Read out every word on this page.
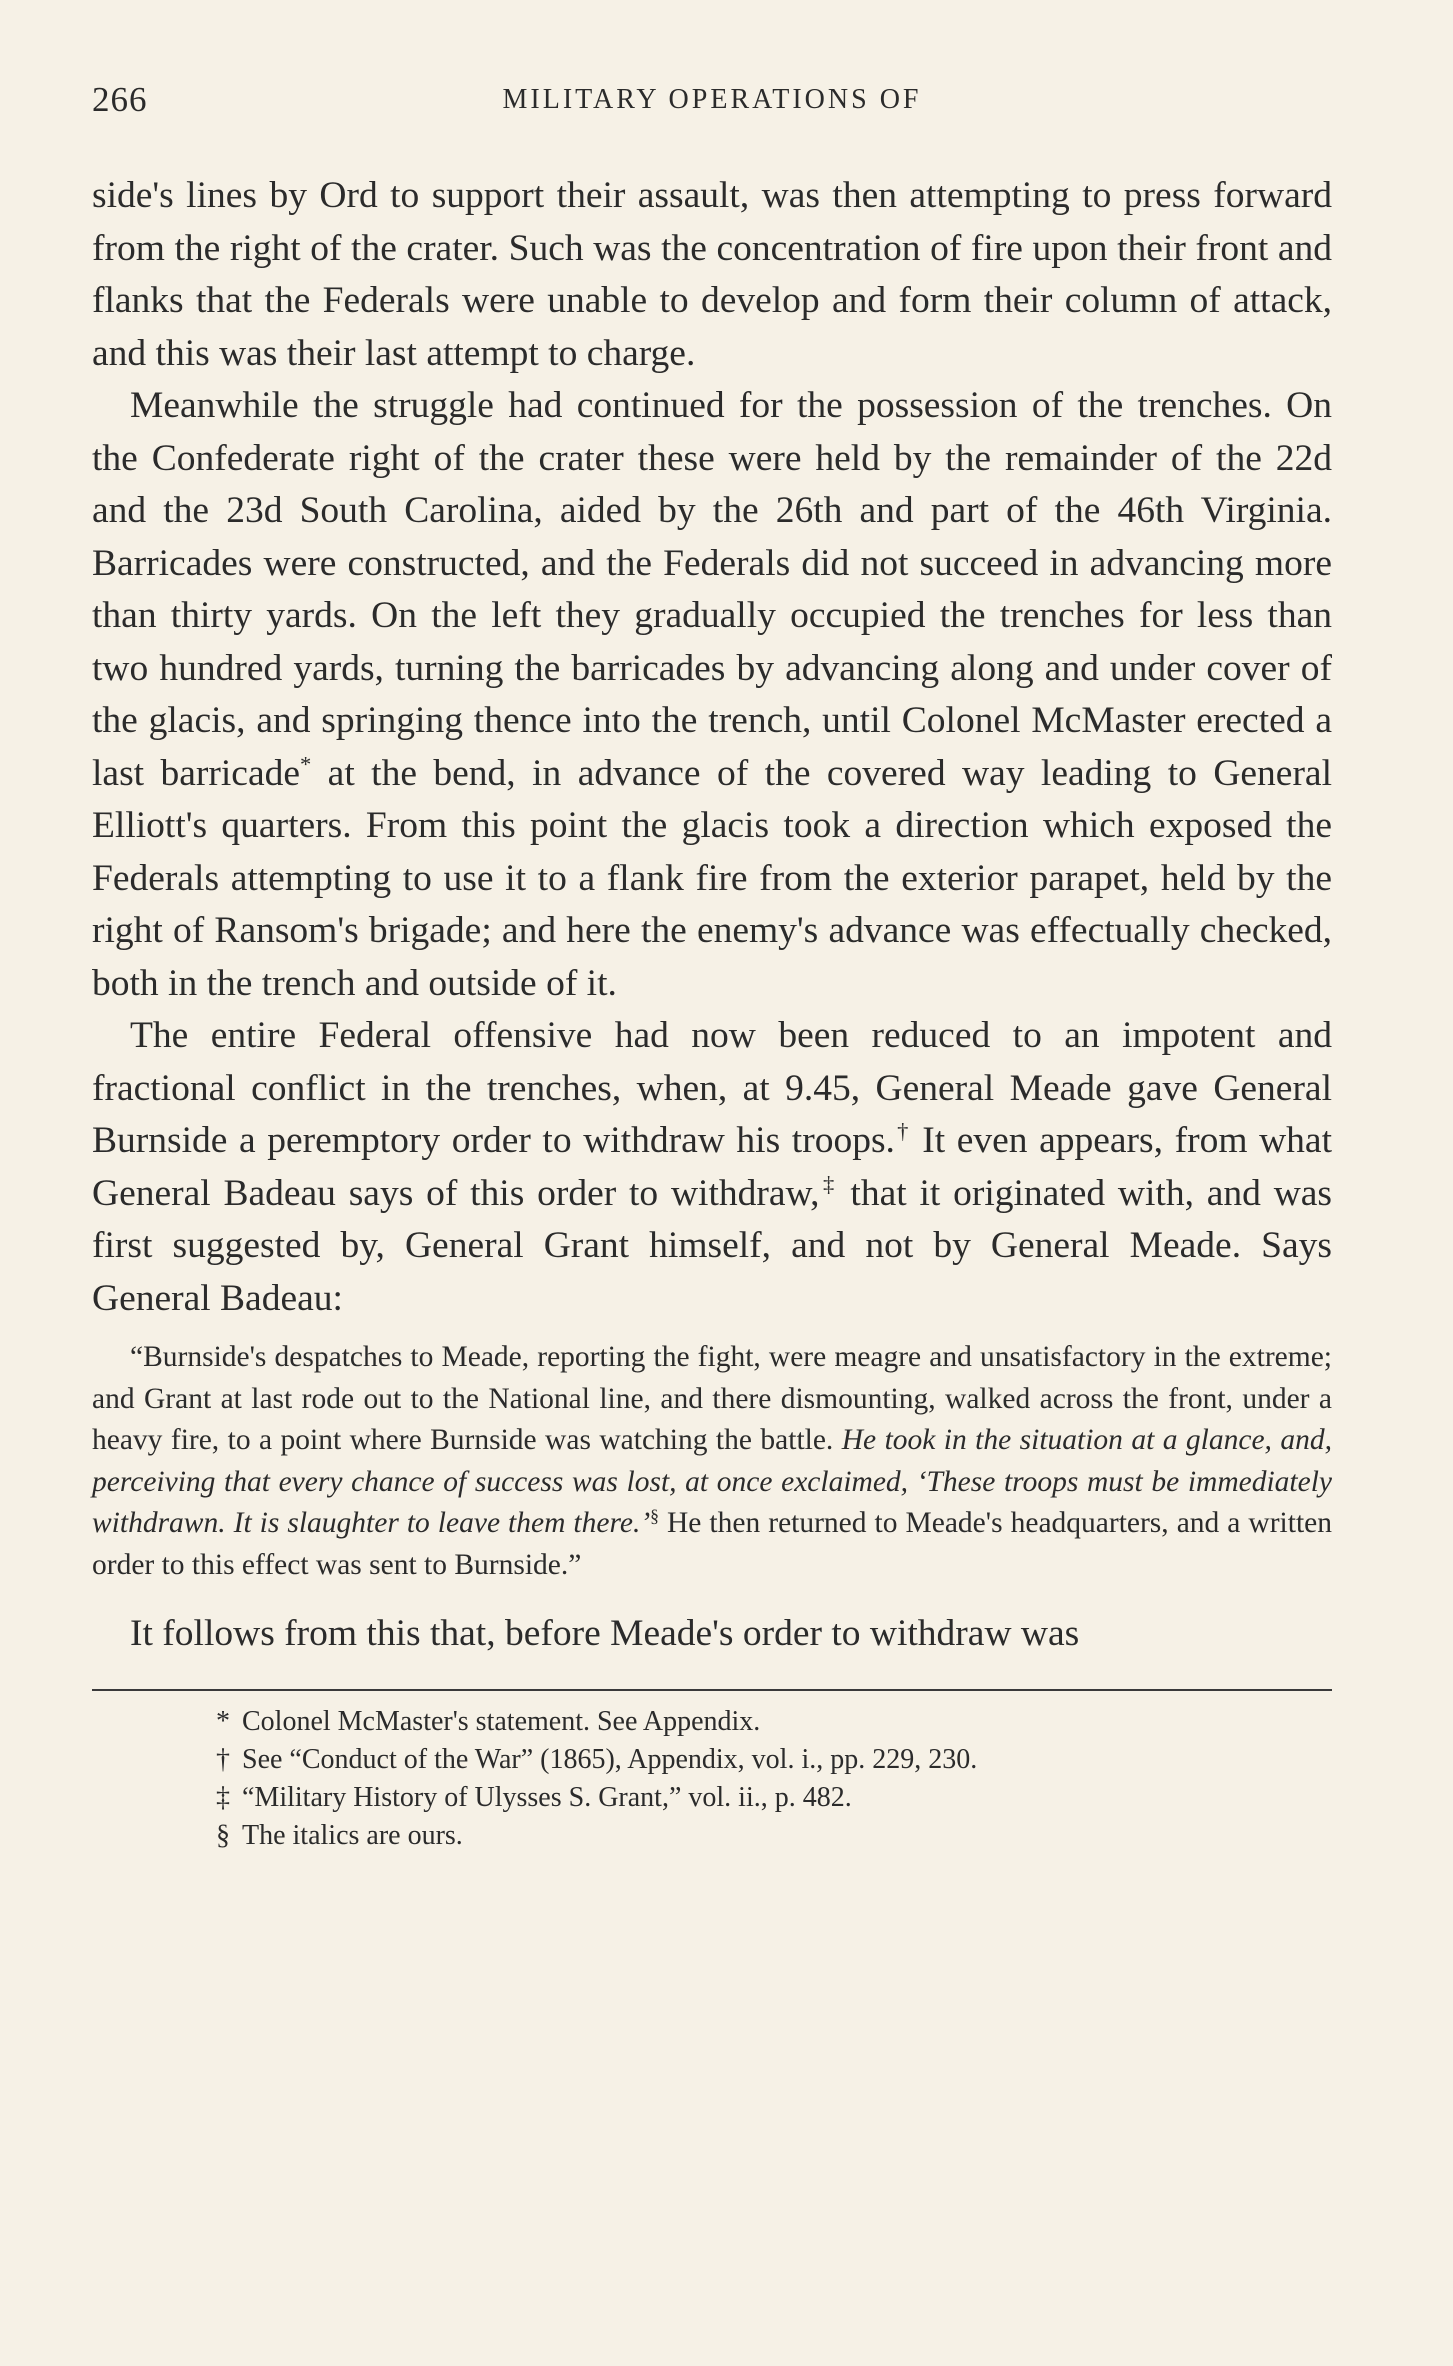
266	MILITARY OPERATIONS OF

side's lines by Ord to support their assault, was then attempting to press forward from the right of the crater. Such was the concentration of fire upon their front and flanks that the Federals were unable to develop and form their column of attack, and this was their last attempt to charge.

Meanwhile the struggle had continued for the possession of the trenches. On the Confederate right of the crater these were held by the remainder of the 22d and the 23d South Carolina, aided by the 26th and part of the 46th Virginia. Barricades were constructed, and the Federals did not succeed in advancing more than thirty yards. On the left they gradually occupied the trenches for less than two hundred yards, turning the barricades by advancing along and under cover of the glacis, and springing thence into the trench, until Colonel McMaster erected a last barricade* at the bend, in advance of the covered way leading to General Elliott's quarters. From this point the glacis took a direction which exposed the Federals attempting to use it to a flank fire from the exterior parapet, held by the right of Ransom's brigade; and here the enemy's advance was effectually checked, both in the trench and outside of it.

The entire Federal offensive had now been reduced to an impotent and fractional conflict in the trenches, when, at 9.45, General Meade gave General Burnside a peremptory order to withdraw his troops.† It even appears, from what General Badeau says of this order to withdraw,‡ that it originated with, and was first suggested by, General Grant himself, and not by General Meade. Says General Badeau:

“Burnside's despatches to Meade, reporting the fight, were meagre and unsatisfactory in the extreme; and Grant at last rode out to the National line, and there dismounting, walked across the front, under a heavy fire, to a point where Burnside was watching the battle. He took in the situation at a glance, and, perceiving that every chance of success was lost, at once exclaimed, ‘These troops must be immediately withdrawn. It is slaughter to leave them there.’§ He then returned to Meade's headquarters, and a written order to this effect was sent to Burnside.”
It follows from this that, before Meade's order to withdraw was

* Colonel McMaster's statement. See Appendix.

† See “Conduct of the War” (1865), Appendix, vol. i., pp. 229, 230.

‡ “Military History of Ulysses S. Grant,” vol. ii., p. 482.

§ The italics are ours.
